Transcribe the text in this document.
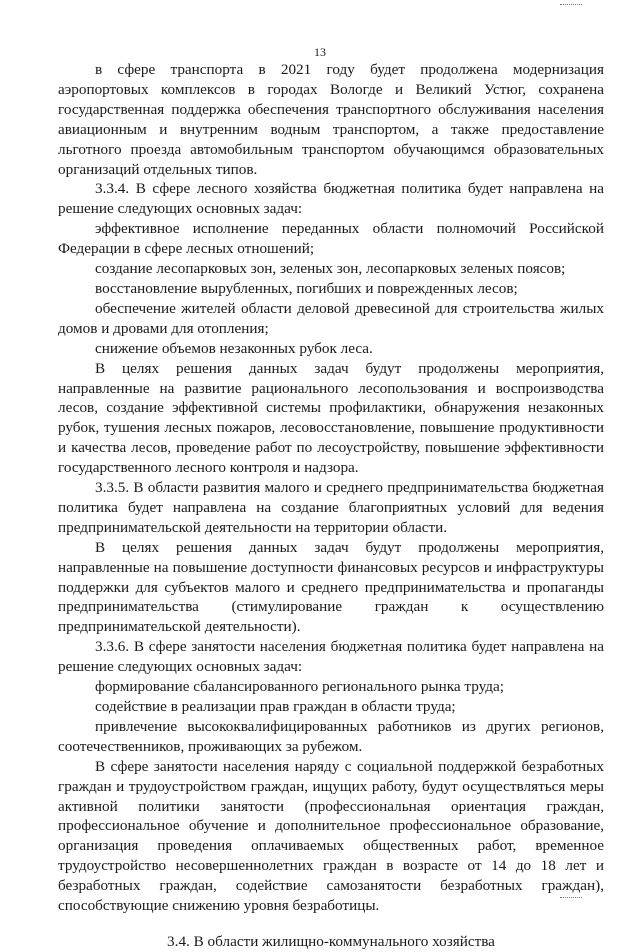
13

в сфере транспорта в 2021 году будет продолжена модернизация аэропортовых комплексов в городах Вологде и Великий Устюг, сохранена государственная поддержка обеспечения транспортного обслуживания населения авиационным и внутренним водным транспортом, а также предоставление льготного проезда автомобильным транспортом обучающимся образовательных организаций отдельных типов.

3.3.4. В сфере лесного хозяйства бюджетная политика будет направлена на решение следующих основных задач:

эффективное исполнение переданных области полномочий Российской Федерации в сфере лесных отношений;

создание лесопарковых зон, зеленых зон, лесопарковых зеленых поясов;

восстановление вырубленных, погибших и поврежденных лесов;

обеспечение жителей области деловой древесиной для строительства жилых домов и дровами для отопления;

снижение объемов незаконных рубок леса.

В целях решения данных задач будут продолжены мероприятия, направленные на развитие рационального лесопользования и воспроизводства лесов, создание эффективной системы профилактики, обнаружения незаконных рубок, тушения лесных пожаров, лесовосстановление, повышение продуктивности и качества лесов, проведение работ по лесоустройству, повышение эффективности государственного лесного контроля и надзора.

3.3.5. В области развития малого и среднего предпринимательства бюджетная политика будет направлена на создание благоприятных условий для ведения предпринимательской деятельности на территории области.

В целях решения данных задач будут продолжены мероприятия, направленные на повышение доступности финансовых ресурсов и инфраструктуры поддержки для субъектов малого и среднего предпринимательства и пропаганды предпринимательства (стимулирование граждан к осуществлению предпринимательской деятельности).

3.3.6. В сфере занятости населения бюджетная политика будет направлена на решение следующих основных задач:

формирование сбалансированного регионального рынка труда;

содействие в реализации прав граждан в области труда;

привлечение высококвалифицированных работников из других регионов, соотечественников, проживающих за рубежом.

В сфере занятости населения наряду с социальной поддержкой безработных граждан и трудоустройством граждан, ищущих работу, будут осуществляться меры активной политики занятости (профессиональная ориентация граждан, профессиональное обучение и дополнительное профессиональное образование, организация проведения оплачиваемых общественных работ, временное трудоустройство несовершеннолетних граждан в возрасте от 14 до 18 лет и безработных граждан, содействие самозанятости безработных граждан), способствующие снижению уровня безработицы.

3.4. В области жилищно-коммунального хозяйства
